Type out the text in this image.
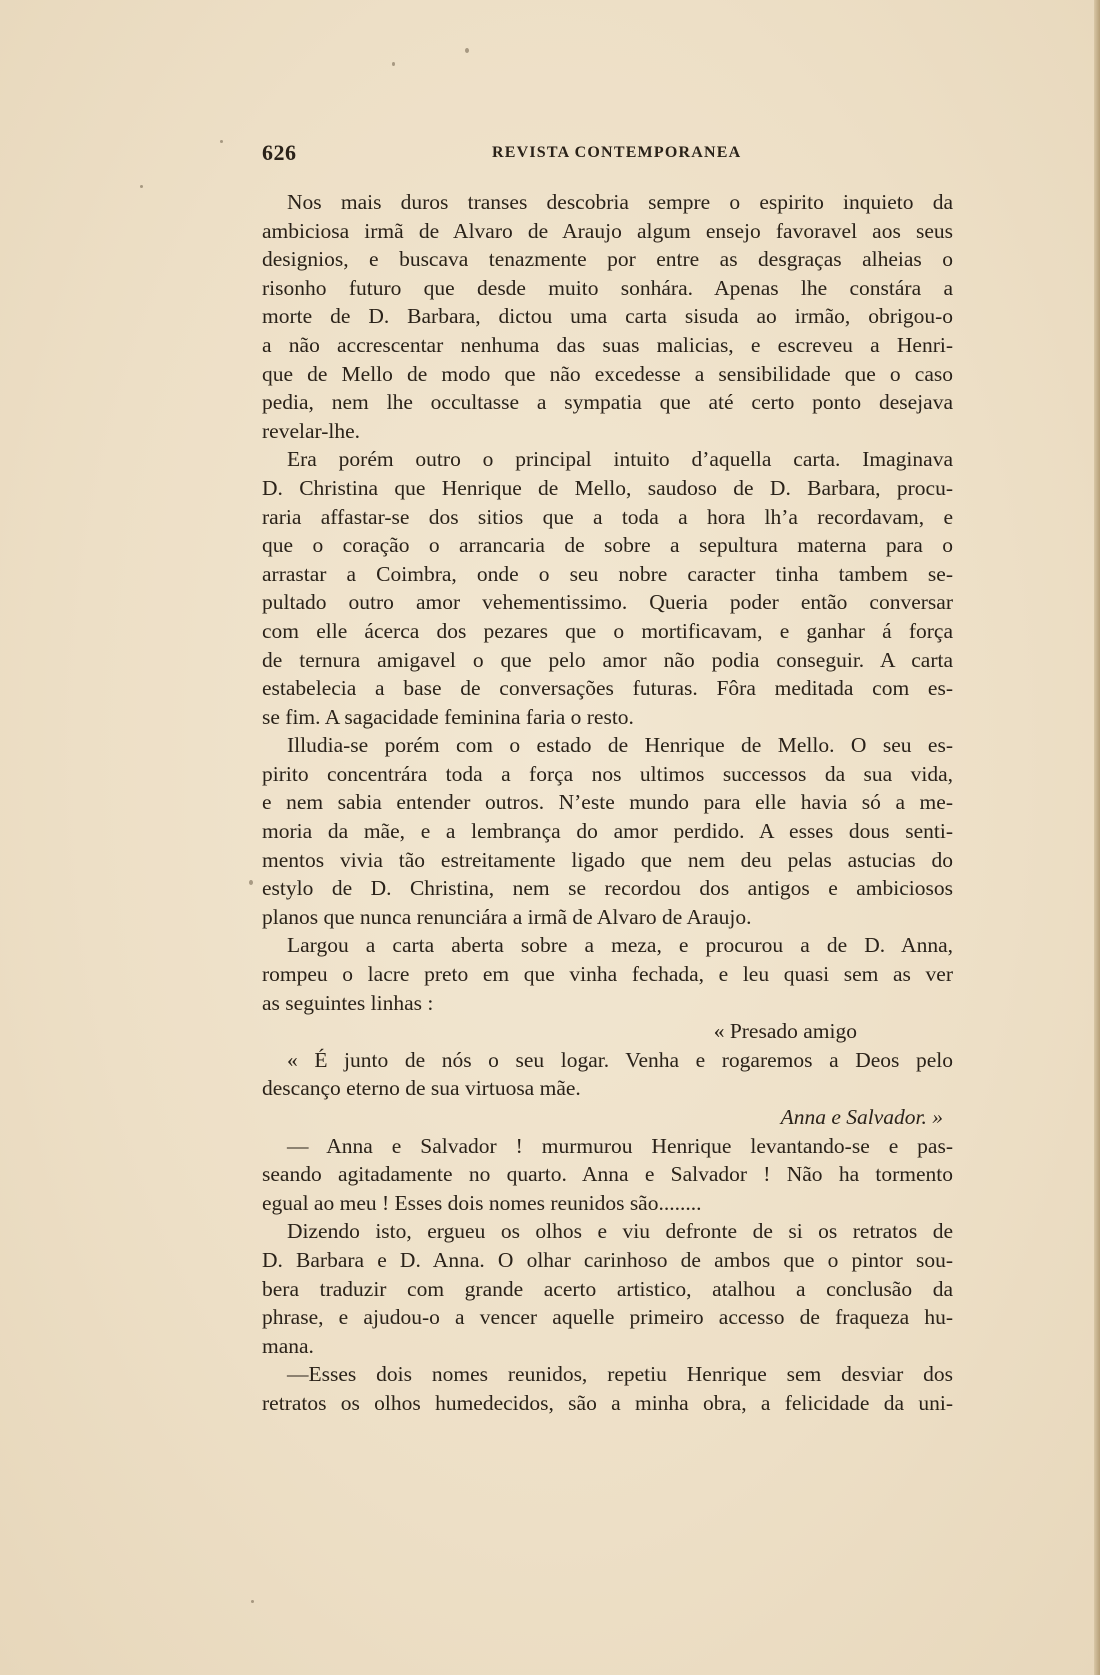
626	REVISTA CONTEMPORANEA
Nos mais duros transes descobria sempre o espirito inquieto da
ambiciosa irmã de Alvaro de Araujo algum ensejo favoravel aos seus
designios, e buscava tenazmente por entre as desgraças alheias o
risonho futuro que desde muito sonhára. Apenas lhe constára a
morte de D. Barbara, dictou uma carta sisuda ao irmão, obrigou-o
a não accrescentar nenhuma das suas malicias, e escreveu a Henri-
que de Mello de modo que não excedesse a sensibilidade que o caso
pedia, nem lhe occultasse a sympatia que até certo ponto desejava
revelar-lhe.
Era porém outro o principal intuito d’aquella carta. Imaginava
D. Christina que Henrique de Mello, saudoso de D. Barbara, procu-
raria affastar-se dos sitios que a toda a hora lh’a recordavam, e
que o coração o arrancaria de sobre a sepultura materna para o
arrastar a Coimbra, onde o seu nobre caracter tinha tambem se-
pultado outro amor vehementissimo. Queria poder então conversar
com elle ácerca dos pezares que o mortificavam, e ganhar á força
de ternura amigavel o que pelo amor não podia conseguir. A carta
estabelecia a base de conversações futuras. Fôra meditada com es-
se fim. A sagacidade feminina faria o resto.
Illudia-se porém com o estado de Henrique de Mello. O seu es-
pirito concentrára toda a força nos ultimos successos da sua vida,
e nem sabia entender outros. N’este mundo para elle havia só a me-
moria da mãe, e a lembrança do amor perdido. A esses dous senti-
mentos vivia tão estreitamente ligado que nem deu pelas astucias do
estylo de D. Christina, nem se recordou dos antigos e ambiciosos
planos que nunca renunciára a irmã de Alvaro de Araujo.
Largou a carta aberta sobre a meza, e procurou a de D. Anna,
rompeu o lacre preto em que vinha fechada, e leu quasi sem as ver
as seguintes linhas :
« Presado amigo
« É junto de nós o seu logar. Venha e rogaremos a Deos pelo
descanço eterno de sua virtuosa mãe.
Anna e Salvador. »
— Anna e Salvador ! murmurou Henrique levantando-se e pas-
seando agitadamente no quarto. Anna e Salvador ! Não ha tormento
egual ao meu ! Esses dois nomes reunidos são........
Dizendo isto, ergueu os olhos e viu defronte de si os retratos de
D. Barbara e D. Anna. O olhar carinhoso de ambos que o pintor sou-
bera traduzir com grande acerto artistico, atalhou a conclusão da
phrase, e ajudou-o a vencer aquelle primeiro accesso de fraqueza hu-
mana.
—Esses dois nomes reunidos, repetiu Henrique sem desviar dos
retratos os olhos humedecidos, são a minha obra, a felicidade da uni-
